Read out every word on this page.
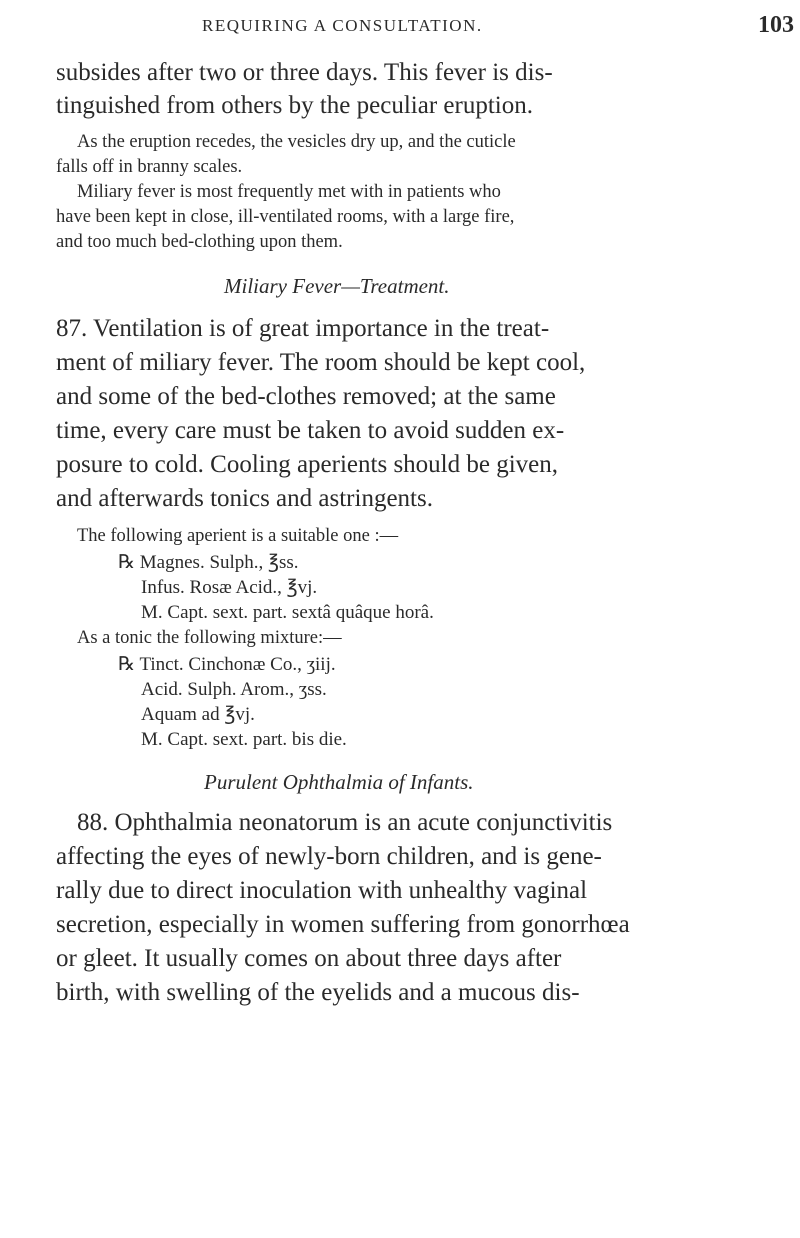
REQUIRING A CONSULTATION.	103
subsides after two or three days. This fever is dis-
tinguished from others by the peculiar eruption.
As the eruption recedes, the vesicles dry up, and the cuticle
falls off in branny scales.
Miliary fever is most frequently met with in patients who
have been kept in close, ill-ventilated rooms, with a large fire,
and too much bed-clothing upon them.
Miliary Fever—Treatment.
87. Ventilation is of great importance in the treat-
ment of miliary fever. The room should be kept cool,
and some of the bed-clothes removed; at the same
time, every care must be taken to avoid sudden ex-
posure to cold. Cooling aperients should be given,
and afterwards tonics and astringents.
The following aperient is a suitable one :—
℞ Magnes. Sulph., ℥ss.
Infus. Rosæ Acid., ℥vj.
M. Capt. sext. part. sextâ quâque horâ.
As a tonic the following mixture:—
℞ Tinct. Cinchonæ Co., ʒiij.
Acid. Sulph. Arom., ʒss.
Aquam ad ℥vj.
M. Capt. sext. part. bis die.
Purulent Ophthalmia of Infants.
88. Ophthalmia neonatorum is an acute conjunctivitis
affecting the eyes of newly-born children, and is gene-
rally due to direct inoculation with unhealthy vaginal
secretion, especially in women suffering from gonorrhœa
or gleet. It usually comes on about three days after
birth, with swelling of the eyelids and a mucous dis-
